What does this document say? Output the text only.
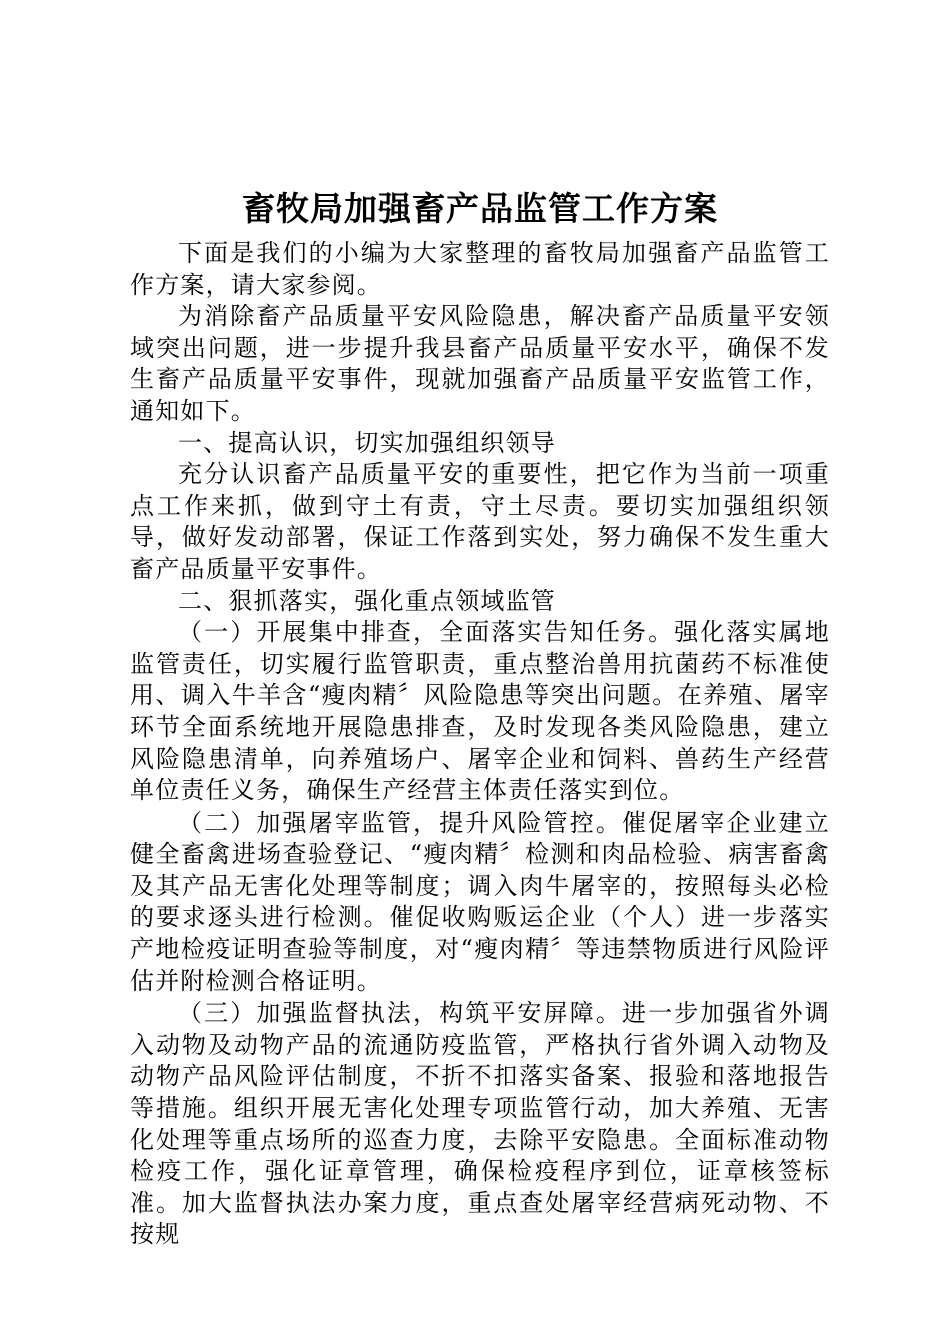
畜牧局加强畜产品监管工作方案

下面是我们的小编为大家整理的畜牧局加强畜产品监管工作方案，请大家参阅。

为消除畜产品质量平安风险隐患，解决畜产品质量平安领域突出问题，进一步提升我县畜产品质量平安水平，确保不发生畜产品质量平安事件，现就加强畜产品质量平安监管工作，通知如下。

一、提高认识，切实加强组织领导

充分认识畜产品质量平安的重要性，把它作为当前一项重点工作来抓，做到守土有责，守土尽责。要切实加强组织领导，做好发动部署，保证工作落到实处，努力确保不发生重大畜产品质量平安事件。

二、狠抓落实，强化重点领域监管

（一）开展集中排查，全面落实告知任务。强化落实属地监管责任，切实履行监管职责，重点整治兽用抗菌药不标准使用、调入牛羊含“瘦肉精〞风险隐患等突出问题。在养殖、屠宰环节全面系统地开展隐患排查，及时发现各类风险隐患，建立风险隐患清单，向养殖场户、屠宰企业和饲料、兽药生产经营单位责任义务，确保生产经营主体责任落实到位。

（二）加强屠宰监管，提升风险管控。催促屠宰企业建立健全畜禽进场查验登记、“瘦肉精〞检测和肉品检验、病害畜禽及其产品无害化处理等制度；调入肉牛屠宰的，按照每头必检的要求逐头进行检测。催促收购贩运企业（个人）进一步落实产地检疫证明查验等制度，对“瘦肉精〞等违禁物质进行风险评估并附检测合格证明。

（三）加强监督执法，构筑平安屏障。进一步加强省外调入动物及动物产品的流通防疫监管，严格执行省外调入动物及动物产品风险评估制度，不折不扣落实备案、报验和落地报告等措施。组织开展无害化处理专项监管行动，加大养殖、无害化处理等重点场所的巡查力度，去除平安隐患。全面标准动物检疫工作，强化证章管理，确保检疫程序到位，证章核签标准。加大监督执法办案力度，重点查处屠宰经营病死动物、不按规
